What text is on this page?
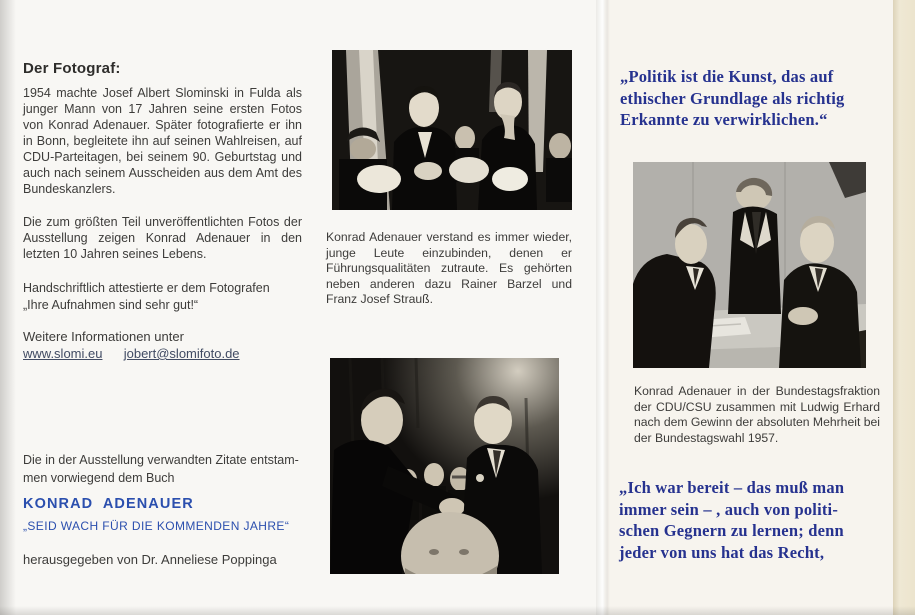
Der Fotograf:

1954 machte Josef Albert Slominski in Fulda als junger Mann von 17 Jahren seine ersten Fotos von Konrad Adenauer. Später fotografierte er ihn in Bonn, begleitete ihn auf seinen Wahlreisen, auf CDU-Parteitagen, bei seinem 90. Geburtstag und auch nach seinem Ausscheiden aus dem Amt des Bundeskanzlers.

Die zum größten Teil unveröffentlichten Fotos der Ausstellung zeigen Konrad Adenauer in den letzten 10 Jahren seines Lebens.

Handschriftlich attestierte er dem Fotografen
„Ihre Aufnahmen sind sehr gut!“

Weitere Informationen unter

www.slomi.eu jobert@slomifoto.de
Die in der Ausstellung verwandten Zitate entstam-
men vorwiegend dem Buch

KONRAD ADENAUER

„SEID WACH FÜR DIE KOMMENDEN JAHRE“

herausgegeben von Dr. Anneliese Poppinga

Konrad Adenauer verstand es immer wieder, junge Leute einzubinden, denen er Führungsqualitäten zutraute. Es gehörten neben anderen dazu Rainer Barzel und Franz Josef Strauß.

„Politik ist die Kunst, das auf
ethischer Grundlage als richtig
Erkannte zu verwirklichen.“

Konrad Adenauer in der Bundestagsfraktion der CDU/CSU zusammen mit Ludwig Erhard nach dem Gewinn der absoluten Mehrheit bei der Bundestagswahl 1957.

„Ich war bereit – das muß man
immer sein – , auch von politi-
schen Gegnern zu lernen; denn
jeder von uns hat das Recht,
